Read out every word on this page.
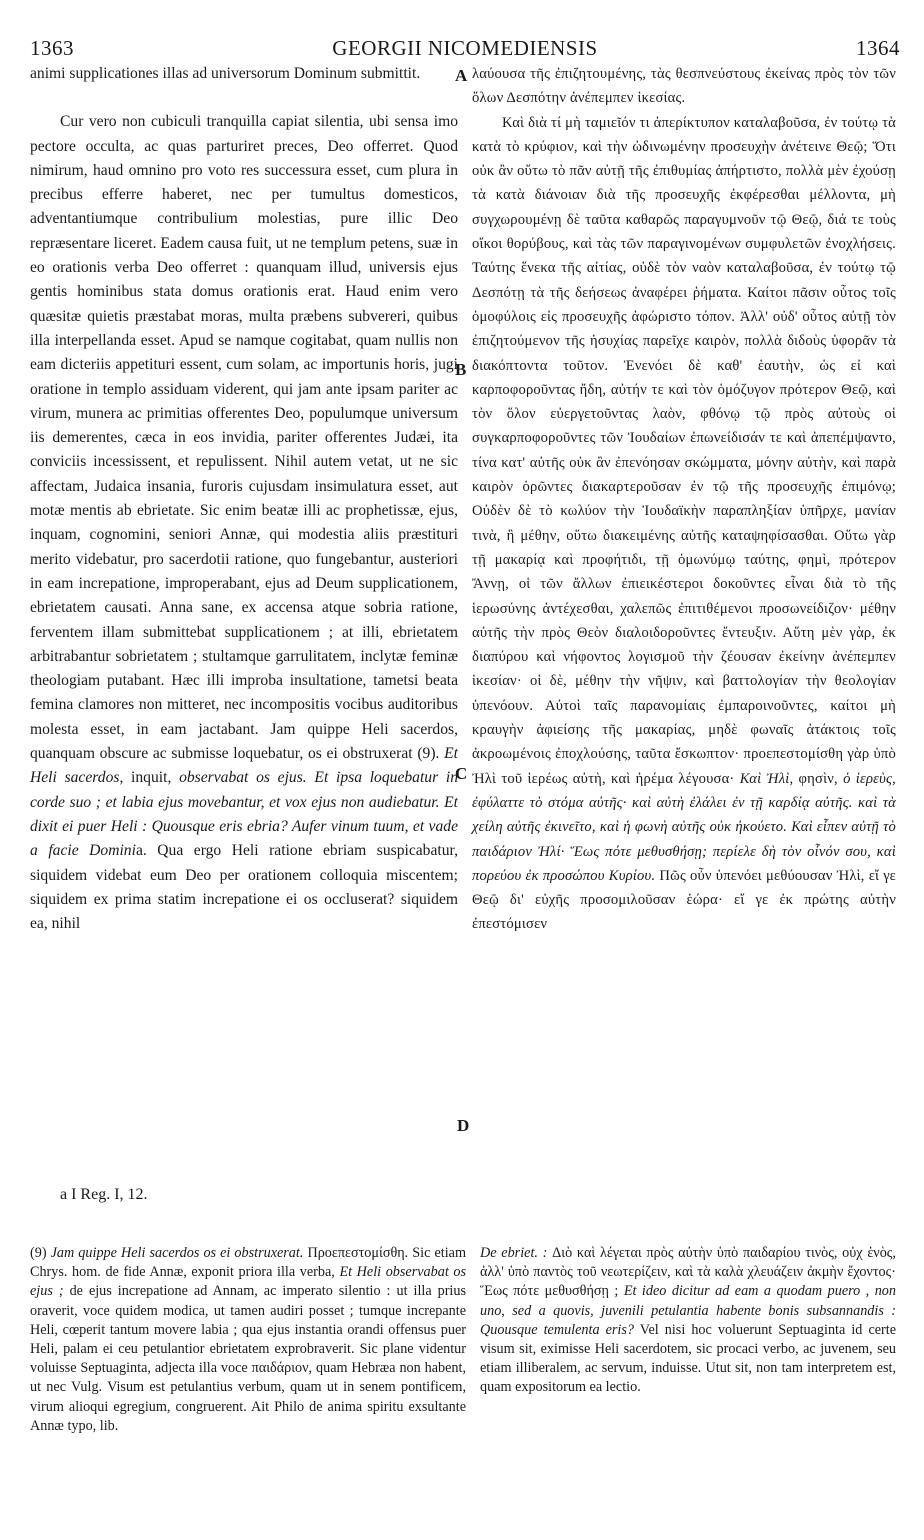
1363	GEORGII NICOMEDIENSIS	1364

animi supplicationes illas ad universorum Dominum submittit.

Cur vero non cubiculi tranquilla capiat silentia, ubi sensa imo pectore occulta, ac quas parturiret preces, Deo offerret. Quod nimirum, haud omnino pro voto res successura esset, cum plura in precibus efferre haberet, nec per tumultus domesticos, adventantiumque contribulium molestias, pure illic Deo repræsentare liceret. Eadem causa fuit, ut ne templum petens, suæ in eo orationis verba Deo offerret : quanquam illud, universis ejus gentis hominibus stata domus orationis erat. Haud enim vero quæsitæ quietis præstabat moras, multa præbens subvereri, quibus illa interpellanda esset. Apud se namque cogitabat, quam nullis non eam dicteriis appetituri essent, cum solam, ac importunis horis, jugi oratione in templo assiduam viderent, qui jam ante ipsam pariter ac virum, munera ac primitias offerentes Deo, populumque universum iis demerentes, cæca in eos invidia, pariter offerentes Judæi, ita conviciis incessissent, et repulissent. Nihil autem vetat, ut ne sic affectam, Judaica insania, furoris cujusdam insimulatura esset, aut motæ mentis ab ebrietate. Sic enim beatæ illi ac prophetissæ, ejus, inquam, cognomini, seniori Annæ, qui modestia aliis præstituri merito videbatur, pro sacerdotii ratione, quo fungebantur, austeriori in eam increpatione, improperabant, ejus ad Deum supplicationem, ebrietatem causati. Anna sane, ex accensa atque sobria ratione, ferventem illam submittebat supplicationem ; at illi, ebrietatem arbitrabantur sobrietatem ; stultamque garrulitatem, inclytæ feminæ theologiam putabant. Hæc illi improba insultatione, tametsi beata femina clamores non mitteret, nec incompositis vocibus auditoribus molesta esset, in eam jactabant. Jam quippe Heli sacerdos, quanquam obscure ac submisse loquebatur, os ei obstruxerat (9). Et Heli sacerdos, inquit, observabat os ejus. Et ipsa loquebatur in corde suo ; et labia ejus movebantur, et vox ejus non audiebatur. Et dixit ei puer Heli : Quousque eris ebria? Aufer vinum tuum, et vade a facie Dominia. Qua ergo Heli ratione ebriam suspicabatur, siquidem videbat eum Deo per orationem colloquia miscentem; siquidem ex prima statim increpatione ei os occluserat? siquidem ea, nihil

λαύουσα τῆς ἐπιζητουμένης, τὰς θεσπνεύστους ἐκείνας πρὸς τὸν τῶν ὅλων Δεσπότην ἀνέπεμπεν ἱκεσίας.

Καὶ διὰ τί μὴ ταμιεῖόν τι ἀπερίκτυπον καταλαβοῦσα, ἐν τούτῳ τὰ κατὰ τὸ κρύφιον, καὶ τὴν ὠδινωμένην προσευχὴν ἀνέτεινε Θεῷ; Ὅτι οὐκ ἂν οὕτω τὸ πᾶν αὐτῇ τῆς ἐπιθυμίας ἀπήρτιστο, πολλὰ μὲν ἐχούσῃ τὰ κατὰ διάνοιαν διὰ τῆς προσευχῆς ἐκφέρεσθαι μέλλοντα, μὴ συγχωρουμένῃ δὲ ταῦτα καθαρῶς παραγυμνοῦν τῷ Θεῷ, διά τε τοὺς οἴκοι θορύβους, καὶ τὰς τῶν παραγινομένων συμφυλετῶν ἐνοχλήσεις. Ταύτης ἕνεκα τῆς αἰτίας, οὐδὲ τὸν ναὸν καταλαβοῦσα, ἐν τούτῳ τῷ Δεσπότῃ τὰ τῆς δεήσεως ἀναφέρει ῥήματα. Καίτοι πᾶσιν οὗτος τοῖς ὁμοφύλοις εἰς προσευχῆς ἀφώριστο τόπον. Ἀλλ' οὐδ' οὗτος αὐτῇ τὸν ἐπιζητούμενον τῆς ἡσυχίας παρεῖχε καιρὸν, πολλὰ διδοὺς ὑφορᾶν τὰ διακόπτοντα τοῦτον. Ἐνενόει δὲ καθ' ἑαυτὴν, ὡς εἰ καὶ καρποφοροῦντας ἤδη, αὐτήν τε καὶ τὸν ὁμόζυγον πρότερον Θεῷ, καὶ τὸν ὅλον εὐεργετοῦντας λαὸν, φθόνῳ τῷ πρὸς αὐτοὺς οἱ συγκαρποφοροῦντες τῶν Ἰουδαίων ἐπωνείδισάν τε καὶ ἀπεπέμψαντο, τίνα κατ' αὐτῆς οὐκ ἂν ἐπενόησαν σκώμματα, μόνην αὐτὴν, καὶ παρὰ καιρὸν ὁρῶντες διακαρτεροῦσαν ἐν τῷ τῆς προσευχῆς ἐπιμόνῳ; Οὐδὲν δὲ τὸ κωλύον τὴν Ἰουδαϊκὴν παραπληξίαν ὑπῆρχε, μανίαν τινὰ, ἢ μέθην, οὕτω διακειμένης αὐτῆς καταψηφίσασθαι. Οὕτω γὰρ τῇ μακαρίᾳ καὶ προφήτιδι, τῇ ὁμωνύμῳ ταύτης, φημὶ, πρότερον Ἄννῃ, οἱ τῶν ἄλλων ἐπιεικέστεροι δοκοῦντες εἶναι διὰ τὸ τῆς ἱερωσύνης ἀντέχεσθαι, χαλεπῶς ἐπιτιθέμενοι προσωνείδιζον· μέθην αὐτῆς τὴν πρὸς Θεὸν διαλοιδοροῦντες ἔντευξιν. Αὕτη μὲν γὰρ, ἐκ διαπύρου καὶ νήφοντος λογισμοῦ τὴν ζέουσαν ἐκείνην ἀνέπεμπεν ἱκεσίαν· οἱ δὲ, μέθην τὴν νῆψιν, καὶ βαττολογίαν τὴν θεολογίαν ὑπενόουν. Αὐτοὶ ταῖς παρανομίαις ἐμπαροινοῦντες, καίτοι μὴ κραυγὴν ἀφιείσης τῆς μακαρίας, μηδὲ φωναῖς ἀτάκτοις τοῖς ἀκροωμένοις ἐποχλούσης, ταῦτα ἔσκωπτον· προεπεστομίσθη γὰρ ὑπὸ Ἠλὶ τοῦ ἱερέως αὐτὴ, καὶ ἠρέμα λέγουσα· Καὶ Ἠλὶ, φησὶν, ὁ ἱερεὺς, ἐφύλαττε τὸ στόμα αὐτῆς· καὶ αὐτὴ ἐλάλει ἐν τῇ καρδίᾳ αὐτῆς. καὶ τὰ χείλη αὐτῆς ἐκινεῖτο, καὶ ἡ φωνὴ αὐτῆς οὐκ ἠκούετο. Καὶ εἶπεν αὐτῇ τὸ παιδάριον Ἠλί· Ἕως πότε μεθυσθήσῃ; περίελε δὴ τὸν οἶνόν σου, καὶ πορεύου ἐκ προσώπου Κυρίου. Πῶς οὖν ὑπενόει μεθύουσαν Ἠλὶ, εἴ γε Θεῷ δι' εὐχῆς προσομιλοῦσαν ἑώρα· εἴ γε ἐκ πρώτης αὐτὴν ἐπεστόμισεν

A
B
C
D
a I Reg. I, 12.

(9) Jam quippe Heli sacerdos os ei obstruxerat. Προεπεστομίσθη. Sic etiam Chrys. hom. de fide Annæ, exponit priora illa verba, Et Heli observabat os ejus ; de ejus increpatione ad Annam, ac imperato silentio : ut illa prius oraverit, voce quidem modica, ut tamen audiri posset ; tumque increpante Heli, cœperit tantum movere labia ; qua ejus instantia orandi offensus puer Heli, palam ei ceu petulantior ebrietatem exprobraverit. Sic plane videntur voluisse Septuaginta, adjecta illa voce παιδάριον, quam Hebræa non habent, ut nec Vulg. Visum est petulantius verbum, quam ut in senem pontificem, virum alioqui egregium, congruerent. Ait Philo de anima spiritu exsultante Annæ typo, lib.

De ebriet. : Διὸ καὶ λέγεται πρὸς αὐτὴν ὑπὸ παιδαρίου τινὸς, οὐχ ἑνὸς, ἀλλ' ὑπὸ παντὸς τοῦ νεωτερίζειν, καὶ τὰ καλὰ χλευάζειν ἀκμὴν ἔχοντος· Ἕως πότε μεθυσθήσῃ ; Et ideo dicitur ad eam a quodam puero , non uno, sed a quovis, juvenili petulantia habente bonis subsannandis : Quousque temulenta eris? Vel nisi hoc voluerunt Septuaginta id certe visum sit, eximisse Heli sacerdotem, sic procaci verbo, ac juvenem, seu etiam illiberalem, ac servum, induisse. Utut sit, non tam interpretem est, quam expositorum ea lectio.
